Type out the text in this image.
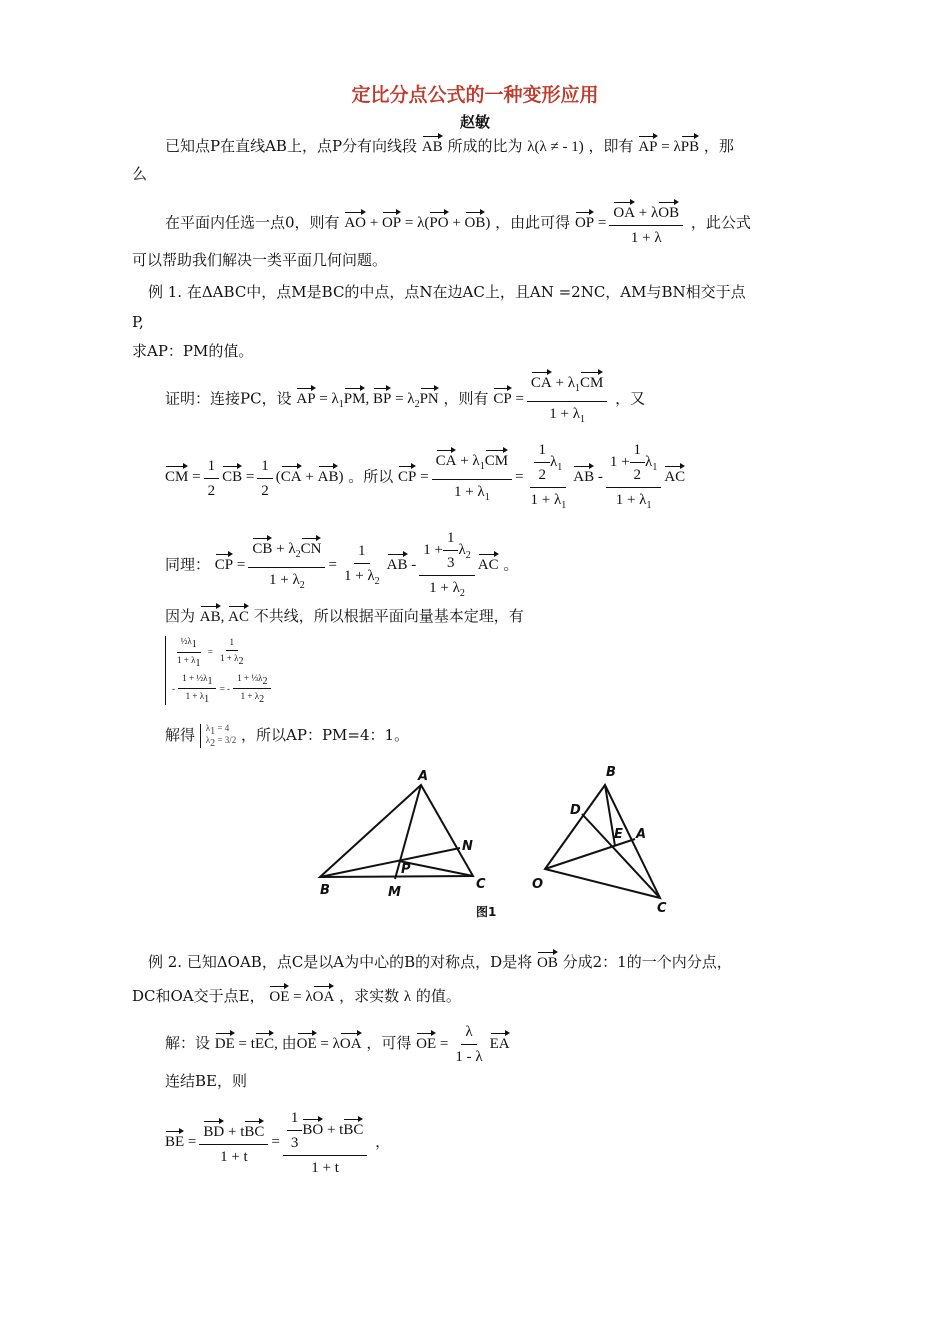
定比分点公式的一种变形应用
赵敏
已知点P在直线AB上，点P分有向线段 AB 所成的比为 λ(λ ≠ - 1) ，即有 AP = λPB ，那
么
在平面内任选一点0，则有 AO + OP = λ(PO + OB) ，由此可得 OP = $\frac{\text{OA + λOB}}{1 + \lambda}$ ，此公式
可以帮助我们解决一类平面几何问题。
例 1. 在ΔABC中，点M是BC的中点，点N在边AC上，且AN =2NC，AM与BN相交于点
P,
求AP：PM的值。
证明：连接PC，设 AP = $\lambda_1PM$, BP = $\lambda_2PN$ ，则有 CP = $\frac{CA + \lambda_1CM}{1 + \lambda_1}$ ，又
CM = $\frac{1}{2}$ CB = $\frac{1}{2} (CA + AB)$ 。所以 CP = $\frac{CA + \lambda_1CM}{1 + \lambda_1} = \frac{\frac{1}{2} \lambda_1}{1 + \lambda_1}$ AB - $\frac{1 + \frac{1}{2} \lambda_1}{1 + \lambda_1}$ AC
同理： CP = $\frac{CB + \lambda_2CN}{1 + \lambda_2} = \frac{1}{1 + \lambda_2}$ AB - $\frac{1 + \frac{1}{3} \lambda_2}{1 + \lambda_2}$ AC 。
因为 AB, AC 不共线，所以根据平面向量基本定理，有
$\frac{\frac{1}{2}\lambda_1}{1 + \lambda_1} = \frac{1}{1 + \lambda_2}$
- $\frac{1 + \frac{1}{2}\lambda_1}{1 + \lambda_1}$ = - $\frac{1 + \frac{1}{3}\lambda_2}{1 + \lambda_2}$
解得 $\lambda_1 = 4$
$\lambda_2 = 3/2$ ，所以AP：PM=4：1。
A
B	C
M
N
P
B
D
E A
O
C
图1
例 2. 已知ΔOAB，点C是以A为中心的B的对称点，D是将 OB 分成2：1的一个内分点，
DC和OA交于点E， OE = λOA ，求实数 λ 的值。
解：设 DE = tEC, 由OE = λOA ，可得 OE = $\frac{\lambda}{1 - \lambda}$ EA
连结BE，则
BE = $\frac{\text{BD + tBC}}{1 + t} = \frac{\frac{1}{3} BO + tBC}{1 + t}$ ，
